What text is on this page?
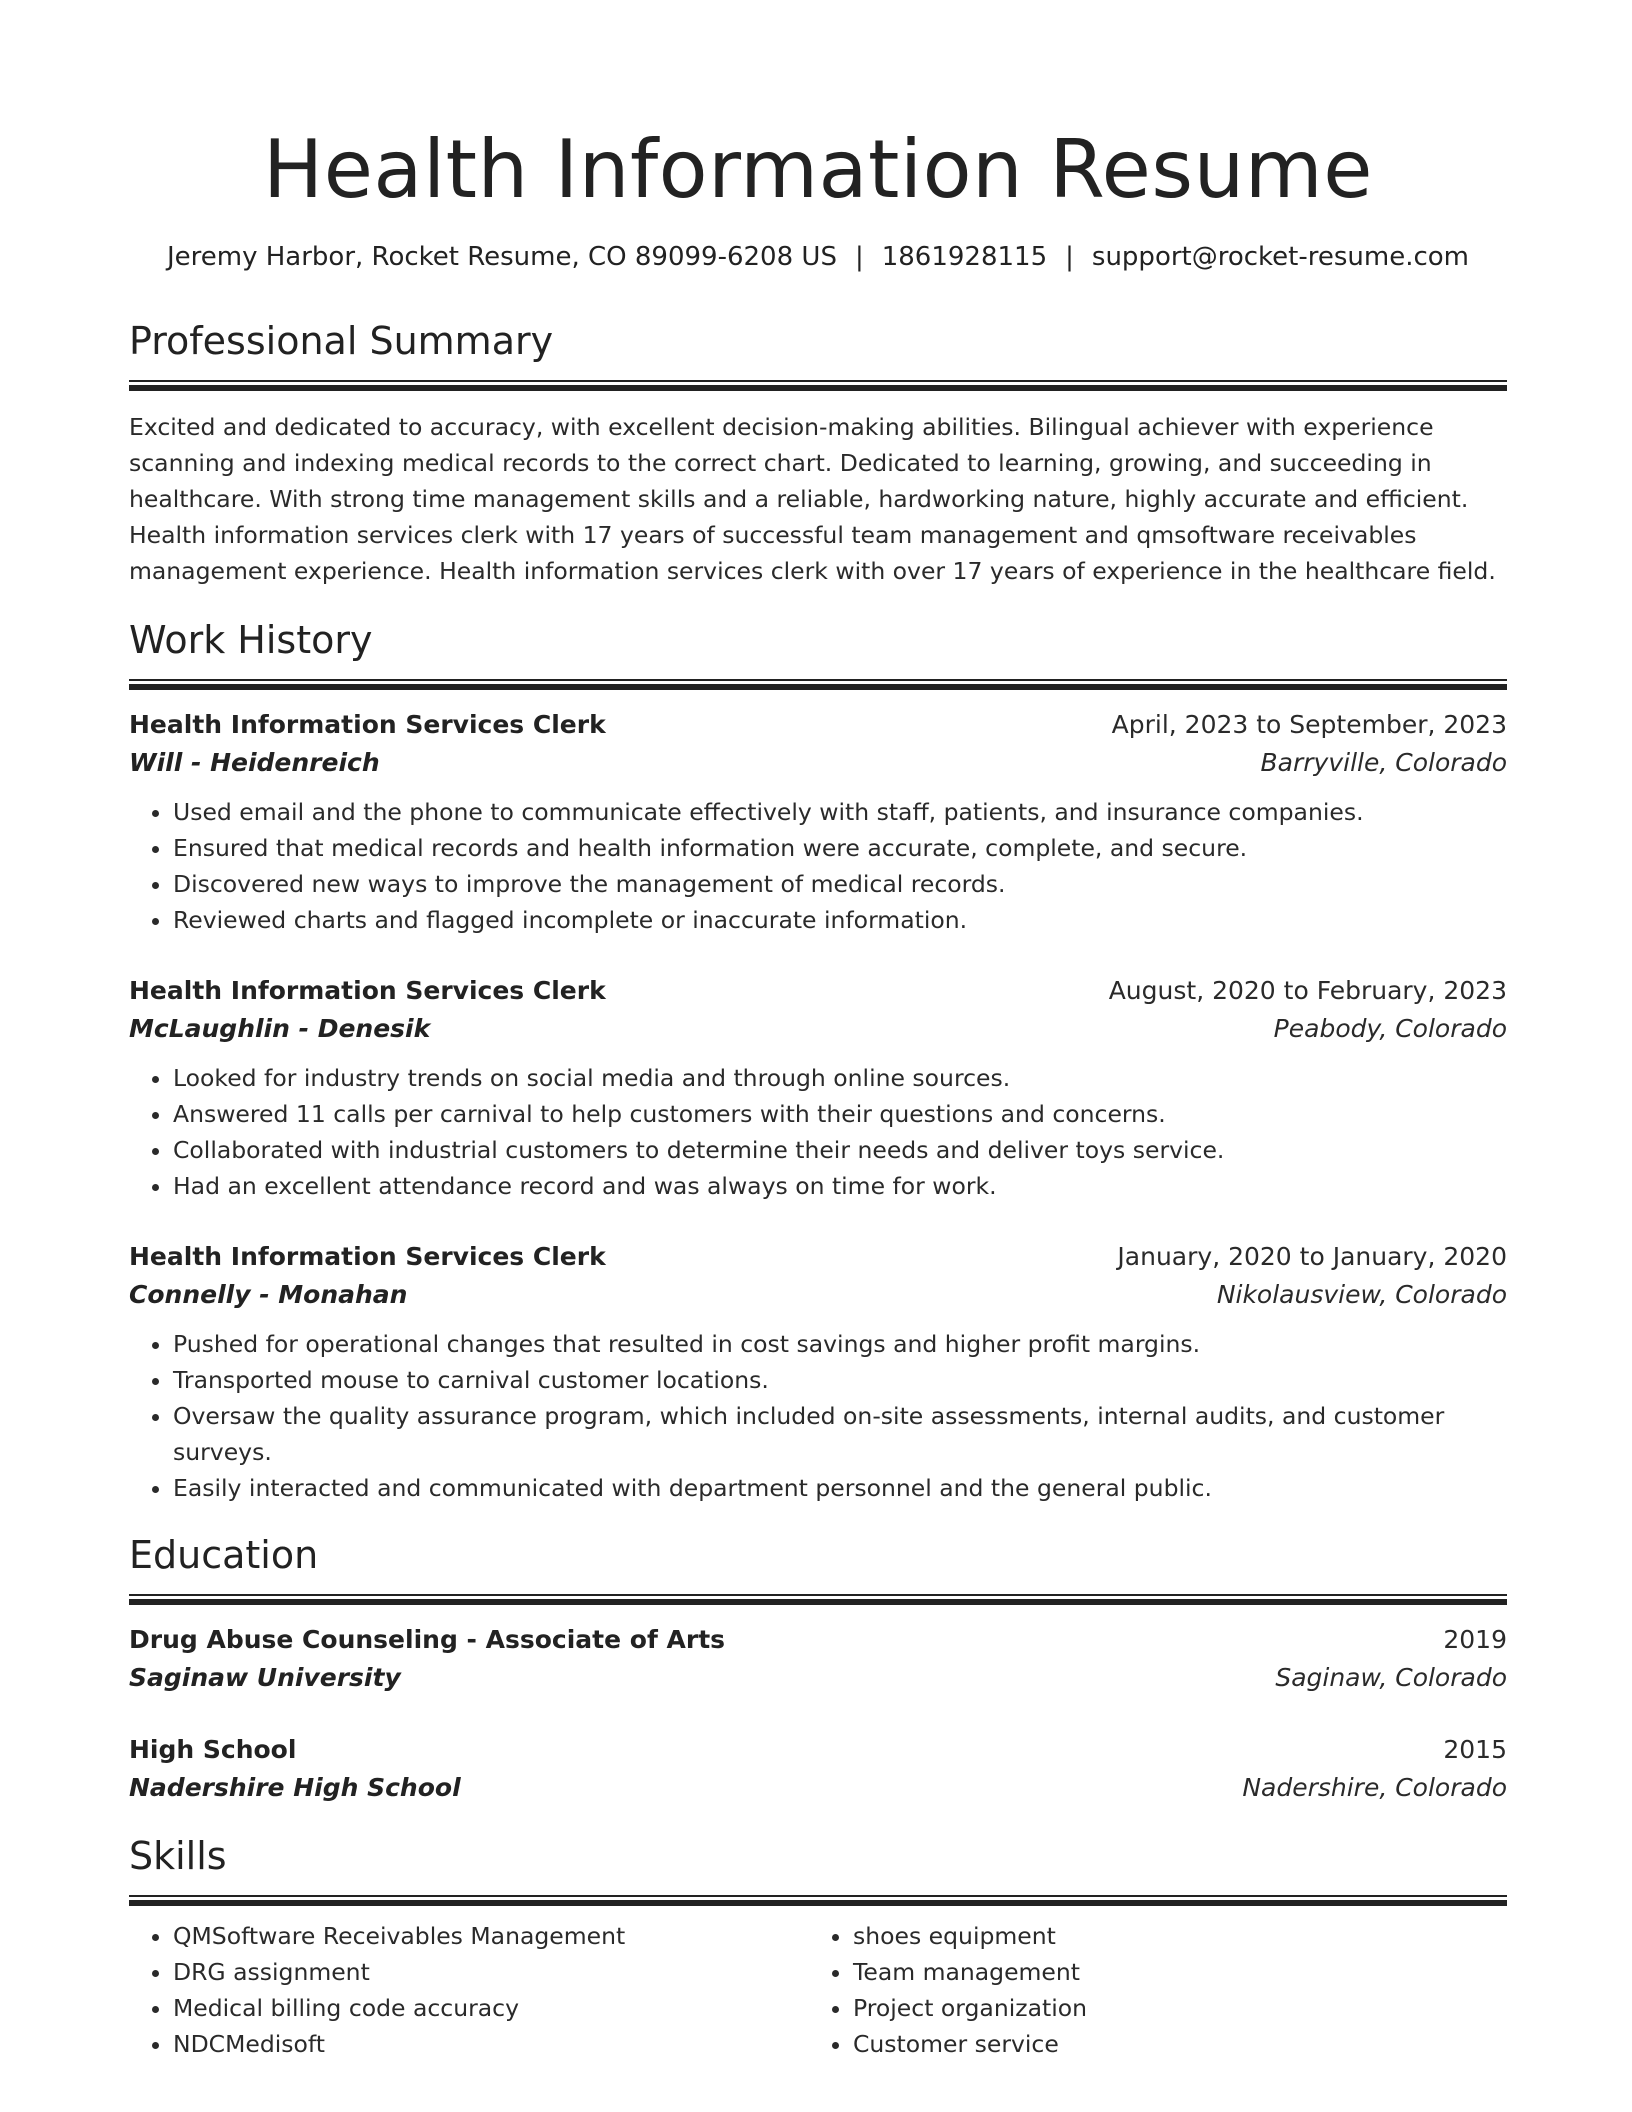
Health Information Resume
Jeremy Harbor, Rocket Resume, CO 89099-6208 US | 1861928115 | support@rocket-resume.com
Professional Summary

Excited and dedicated to accuracy, with excellent decision-making abilities. Bilingual achiever with experience scanning and indexing medical records to the correct chart. Dedicated to learning, growing, and succeeding in healthcare. With strong time management skills and a reliable, hardworking nature, highly accurate and efficient. Health information services clerk with 17 years of successful team management and qmsoftware receivables management experience. Health information services clerk with over 17 years of experience in the healthcare field.

Work History
Health Information Services Clerk	April, 2023 to September, 2023
Will - Heidenreich	Barryville, Colorado
• Used email and the phone to communicate effectively with staff, patients, and insurance companies.
• Ensured that medical records and health information were accurate, complete, and secure.
• Discovered new ways to improve the management of medical records.
• Reviewed charts and flagged incomplete or inaccurate information.
Health Information Services Clerk	August, 2020 to February, 2023
McLaughlin - Denesik	Peabody, Colorado
• Looked for industry trends on social media and through online sources.
• Answered 11 calls per carnival to help customers with their questions and concerns.
• Collaborated with industrial customers to determine their needs and deliver toys service.
• Had an excellent attendance record and was always on time for work.
Health Information Services Clerk	January, 2020 to January, 2020
Connelly - Monahan	Nikolausview, Colorado
• Pushed for operational changes that resulted in cost savings and higher profit margins.
• Transported mouse to carnival customer locations.
• Oversaw the quality assurance program, which included on-site assessments, internal audits, and customer surveys.
• Easily interacted and communicated with department personnel and the general public.
Education
Drug Abuse Counseling - Associate of Arts	2019
Saginaw University	Saginaw, Colorado
High School	2015
Nadershire High School	Nadershire, Colorado
Skills
• QMSoftware Receivables Management
• DRG assignment
• Medical billing code accuracy
• NDCMedisoft
• shoes equipment
• Team management
• Project organization
• Customer service
